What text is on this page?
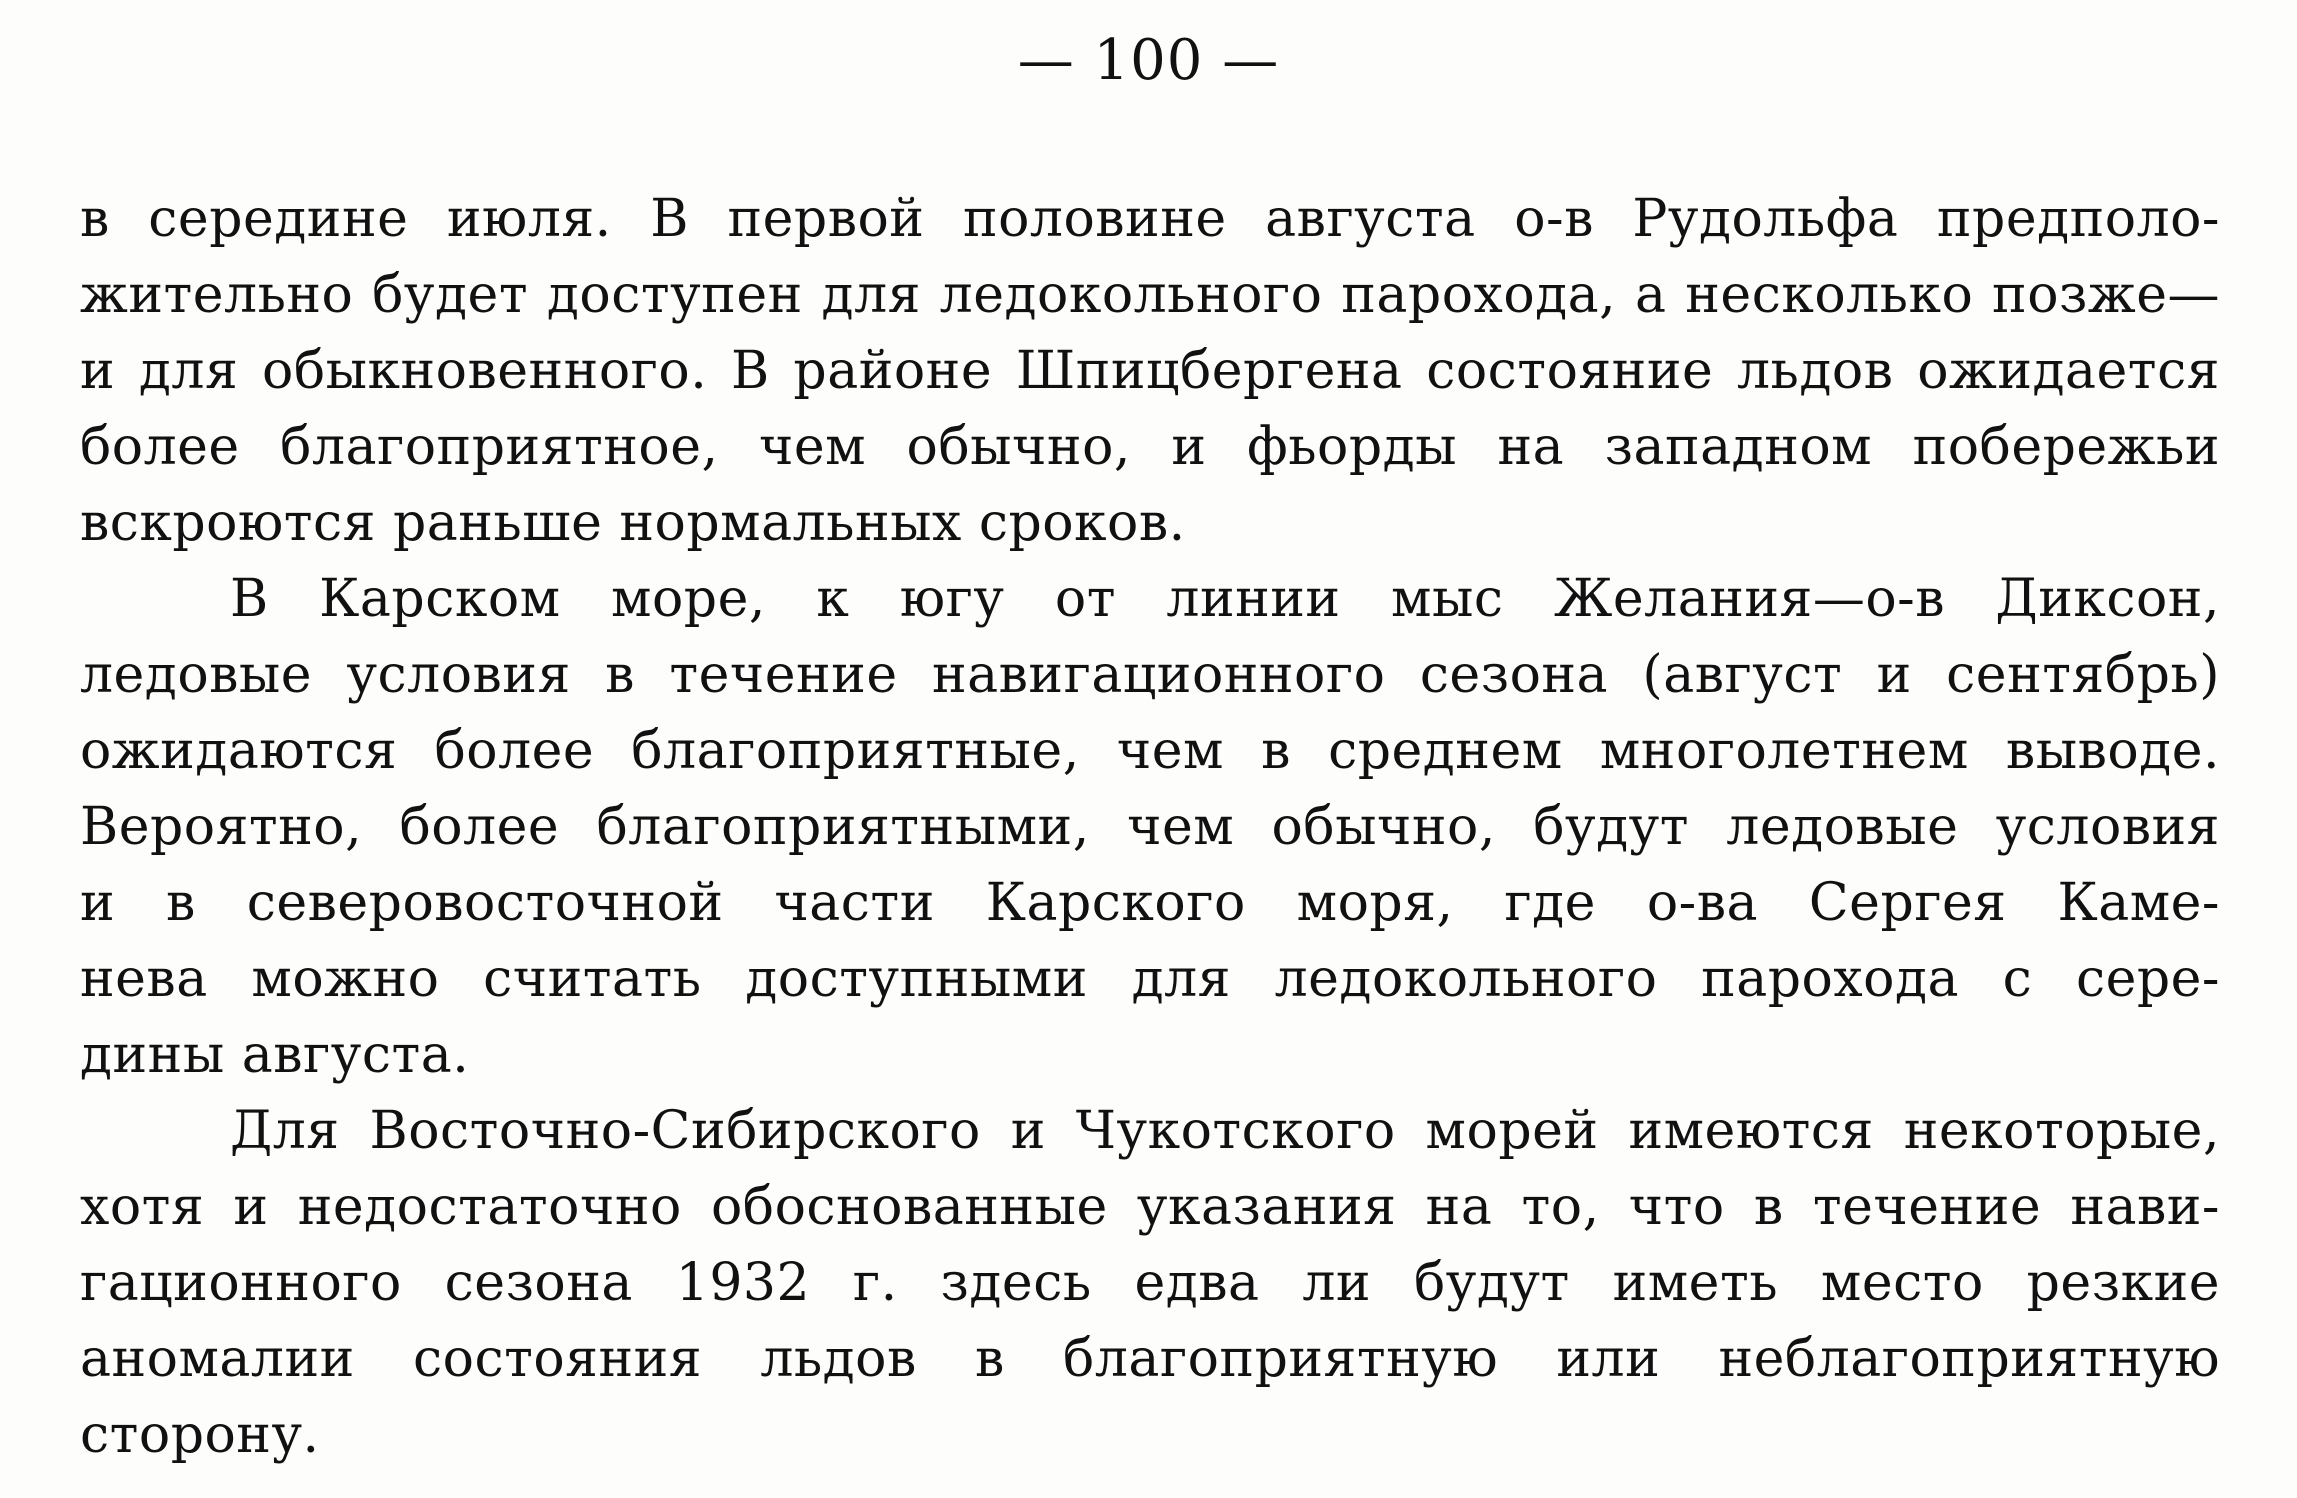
— 100 —
в середине июля. В первой половине августа о-в Рудольфа предполо-
жительно будет доступен для ледокольного парохода, а несколько позже—
и для обыкновенного. В районе Шпицбергена состояние льдов ожидается
более благоприятное, чем обычно, и фьорды на западном побережьи
вскроются раньше нормальных сроков.
В Карском море, к югу от линии мыс Желания—о-в Диксон,
ледовые условия в течение навигационного сезона (август и сентябрь)
ожидаются более благоприятные, чем в среднем многолетнем выводе.
Вероятно, более благоприятными, чем обычно, будут ледовые условия
и в северовосточной части Карского моря, где о-ва Сергея Каме-
нева можно считать доступными для ледокольного парохода с сере-
дины августа.
Для Восточно-Сибирского и Чукотского морей имеются некоторые,
хотя и недостаточно обоснованные указания на то, что в течение нави-
гационного сезона 1932 г. здесь едва ли будут иметь место резкие
аномалии состояния льдов в благоприятную или неблагоприятную
сторону.
